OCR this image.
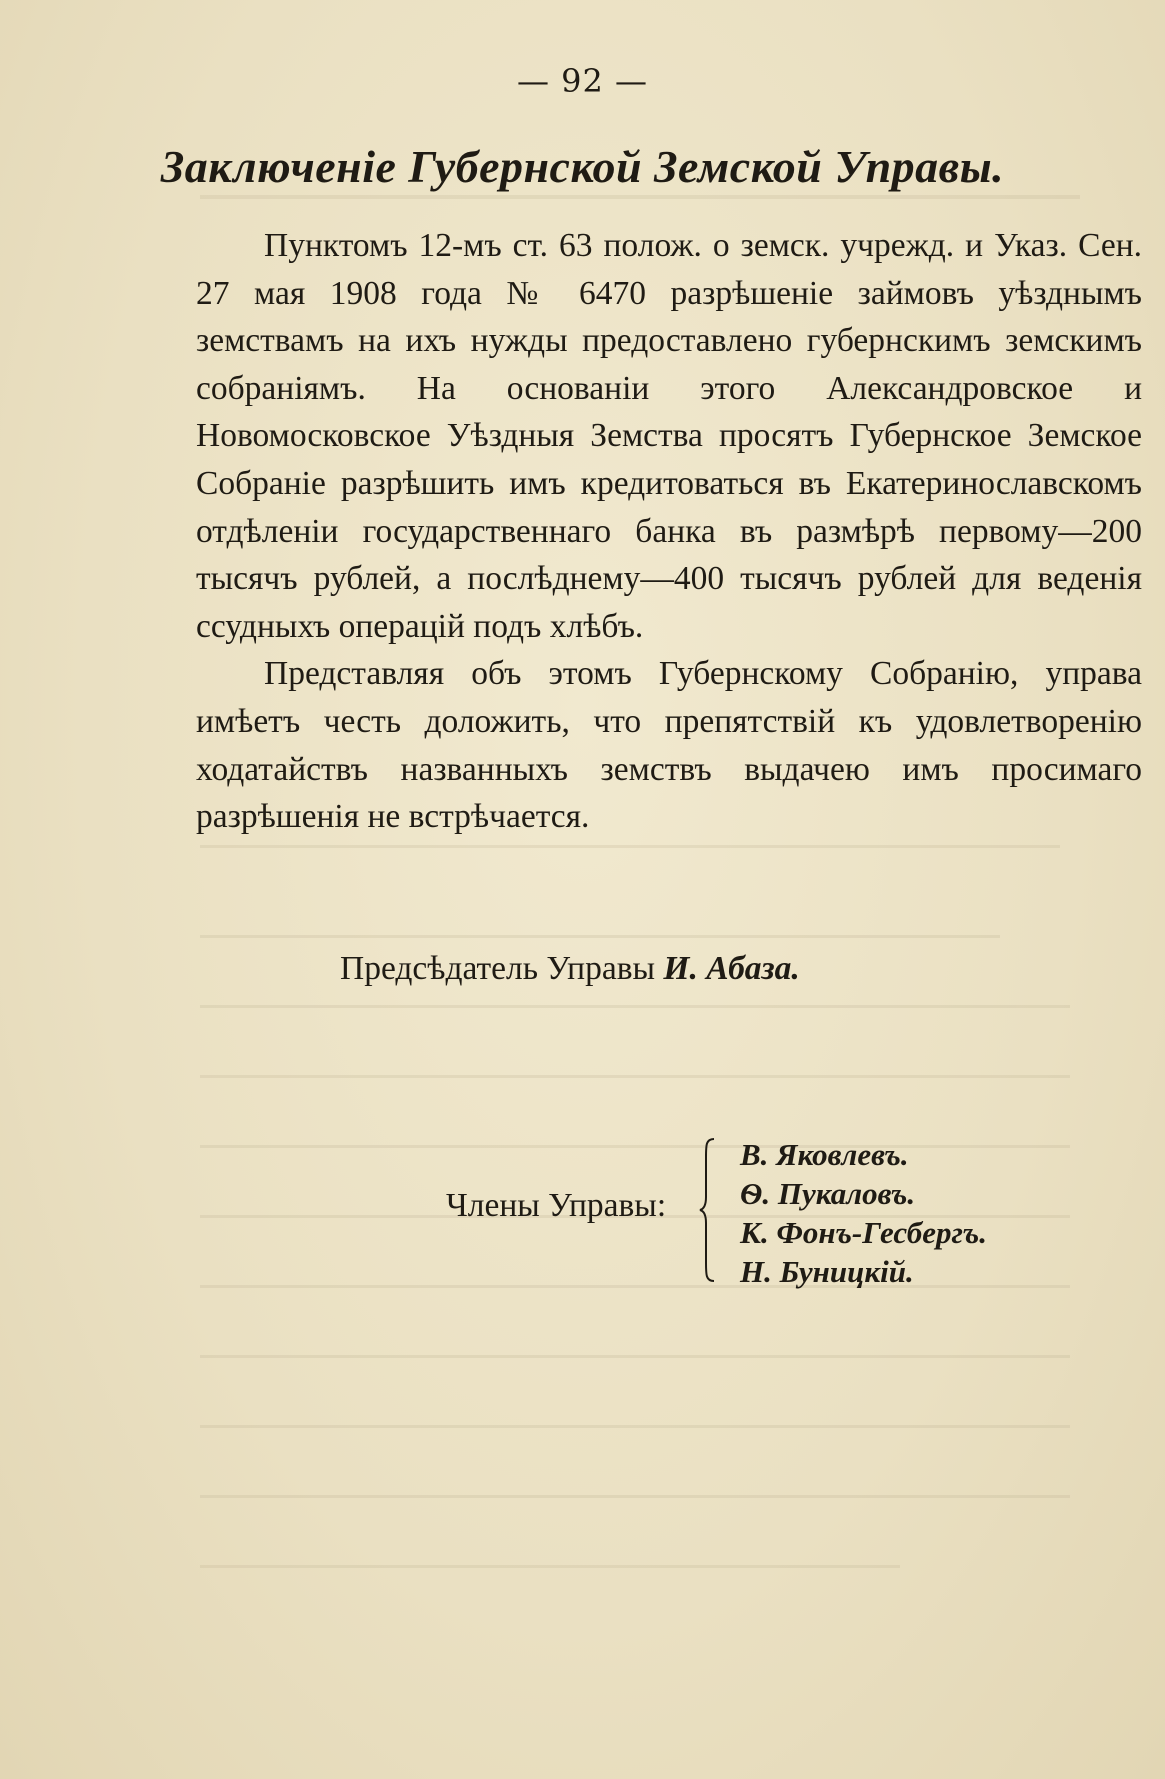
— 92 —
Заключеніе Губернской Земской Управы.

Пунктомъ 12-мъ ст. 63 полож. о земск. учрежд. и Указ. Сен. 27 мая 1908 года № 6470 разрѣшеніе займовъ уѣзднымъ земствамъ на ихъ нужды предоставлено губернскимъ земскимъ собраніямъ. На основаніи этого Александровское и Новомосковское Уѣздныя Земства просятъ Губернское Земское Собраніе разрѣшить имъ кредитоваться въ Екатеринославскомъ отдѣленіи государственнаго банка въ размѣрѣ первому—200 тысячъ рублей, а послѣднему—400 тысячъ рублей для веденія ссудныхъ операцій подъ хлѣбъ.

Представляя объ этомъ Губернскому Собранію, управа имѣетъ честь доложить, что препятствій къ удовлетворенію ходатайствъ названныхъ земствъ выдачею имъ просимаго разрѣшенія не встрѣчается.

Предсѣдатель Управы И. Абаза.
Члены Управы:
В. Яковлевъ.
Ѳ. Пукаловъ.
К. Фонъ-Гесбергъ.
Н. Буницкій.
